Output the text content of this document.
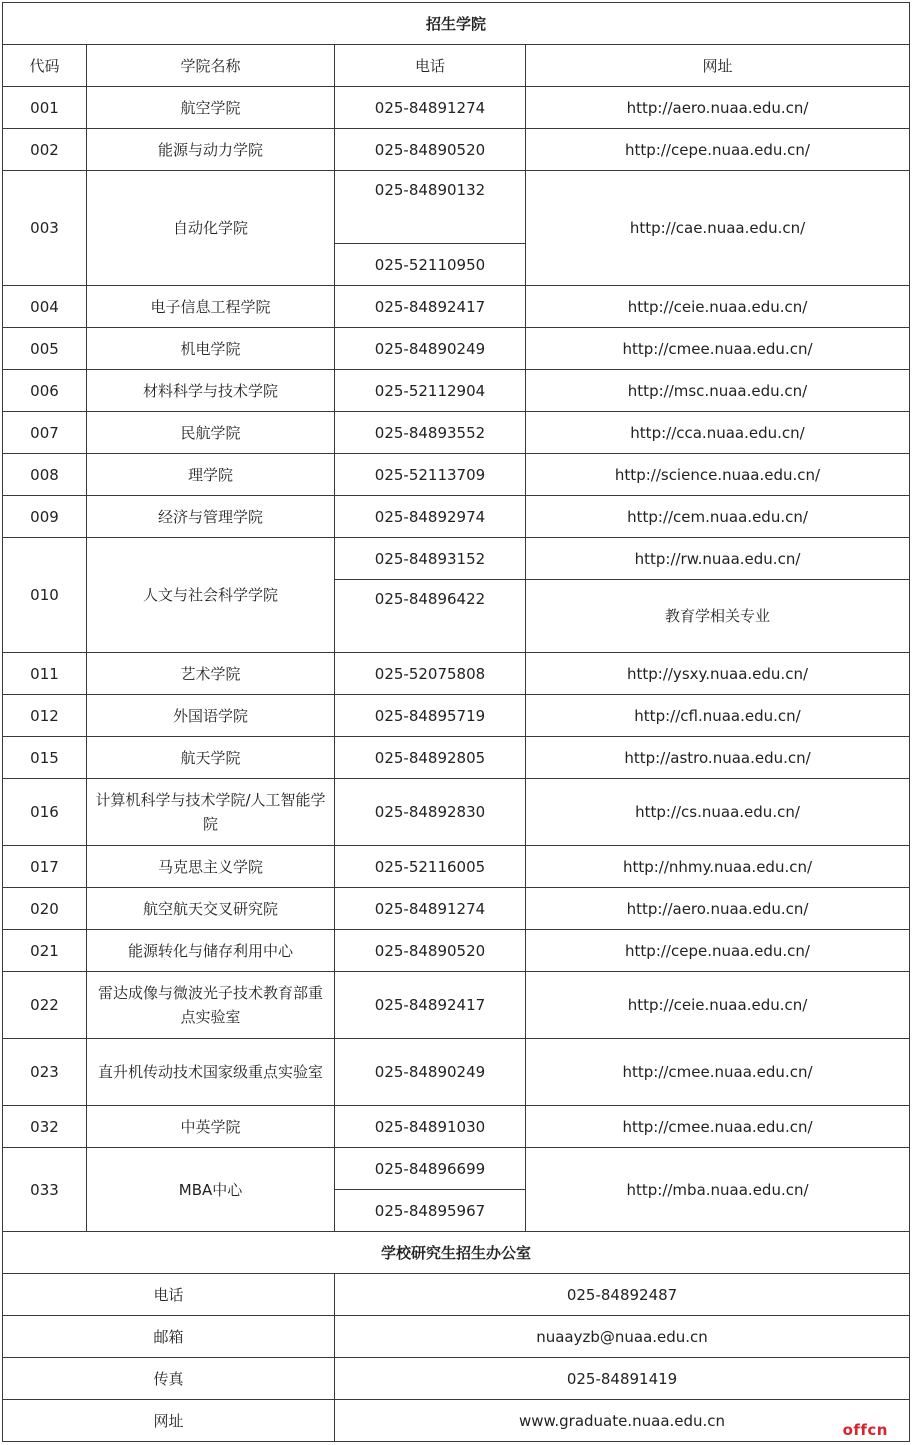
招生学院			
代码	学院名称	电话	网址
001	航空学院	025-84891274	http://aero.nuaa.edu.cn/
002	能源与动力学院	025-84890520	http://cepe.nuaa.edu.cn/
003	自动化学院	025-84890132	http://cae.nuaa.edu.cn/
		025-52110950	
004	电子信息工程学院	025-84892417	http://ceie.nuaa.edu.cn/
005	机电学院	025-84890249	http://cmee.nuaa.edu.cn/
006	材料科学与技术学院	025-52112904	http://msc.nuaa.edu.cn/
007	民航学院	025-84893552	http://cca.nuaa.edu.cn/
008	理学院	025-52113709	http://science.nuaa.edu.cn/
009	经济与管理学院	025-84892974	http://cem.nuaa.edu.cn/
010	人文与社会科学学院	025-84893152	http://rw.nuaa.edu.cn/
		025-84896422	教育学相关专业
011	艺术学院	025-52075808	http://ysxy.nuaa.edu.cn/
012	外国语学院	025-84895719	http://cfl.nuaa.edu.cn/
015	航天学院	025-84892805	http://astro.nuaa.edu.cn/
016	计算机科学与技术学院/人工智能学院	025-84892830	http://cs.nuaa.edu.cn/
017	马克思主义学院	025-52116005	http://nhmy.nuaa.edu.cn/
020	航空航天交叉研究院	025-84891274	http://aero.nuaa.edu.cn/
021	能源转化与储存利用中心	025-84890520	http://cepe.nuaa.edu.cn/
022	雷达成像与微波光子技术教育部重点实验室	025-84892417	http://ceie.nuaa.edu.cn/
023	直升机传动技术国家级重点实验室	025-84890249	http://cmee.nuaa.edu.cn/
032	中英学院	025-84891030	http://cmee.nuaa.edu.cn/
033	MBA中心	025-84896699	http://mba.nuaa.edu.cn/
		025-84895967	
学校研究生招生办公室			
电话		025-84892487	
邮箱		nuaayzb@nuaa.edu.cn	
传真		025-84891419	
网址		www.graduate.nuaa.edu.cn	
offcn
